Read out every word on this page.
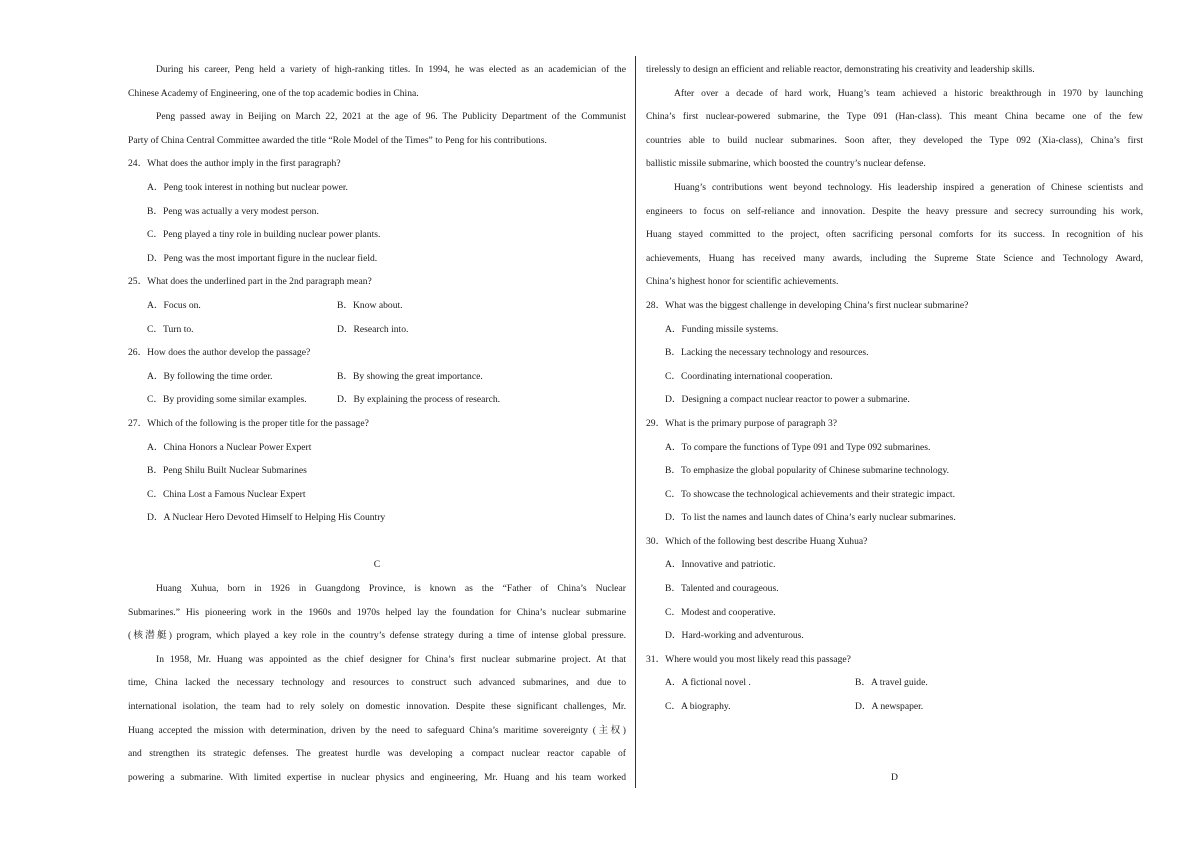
During his career, Peng held a variety of high-ranking titles. In 1994, he was elected as an academician of the
Chinese Academy of Engineering, one of the top academic bodies in China.
Peng passed away in Beijing on March 22, 2021 at the age of 96. The Publicity Department of the Communist
Party of China Central Committee awarded the title “Role Model of the Times” to Peng for his contributions.
24．What does the author imply in the first paragraph?
A．Peng took interest in nothing but nuclear power.
B．Peng was actually a very modest person.
C．Peng played a tiny role in building nuclear power plants.
D．Peng was the most important figure in the nuclear field.
25．What does the underlined part in the 2nd paragraph mean?
A．Focus on.	B．Know about.
C．Turn to.	D．Research into.
26．How does the author develop the passage?
A．By following the time order.	B．By showing the great importance.
C．By providing some similar examples.	D．By explaining the process of research.
27．Which of the following is the proper title for the passage?
A．China Honors a Nuclear Power Expert
B．Peng Shilu Built Nuclear Submarines
C．China Lost a Famous Nuclear Expert
D．A Nuclear Hero Devoted Himself to Helping His Country
C
Huang Xuhua, born in 1926 in Guangdong Province, is known as the “Father of China’s Nuclear
Submarines.” His pioneering work in the 1960s and 1970s helped lay the foundation for China’s nuclear submarine
(核潜艇) program, which played a key role in the country’s defense strategy during a time of intense global pressure.
In 1958, Mr. Huang was appointed as the chief designer for China’s first nuclear submarine project. At that
time, China lacked the necessary technology and resources to construct such advanced submarines, and due to
international isolation, the team had to rely solely on domestic innovation. Despite these significant challenges, Mr.
Huang accepted the mission with determination, driven by the need to safeguard China’s maritime sovereignty (主权)
and strengthen its strategic defenses. The greatest hurdle was developing a compact nuclear reactor capable of
powering a submarine. With limited expertise in nuclear physics and engineering, Mr. Huang and his team worked
tirelessly to design an efficient and reliable reactor, demonstrating his creativity and leadership skills.
After over a decade of hard work, Huang’s team achieved a historic breakthrough in 1970 by launching
China’s first nuclear-powered submarine, the Type 091 (Han-class). This meant China became one of the few
countries able to build nuclear submarines. Soon after, they developed the Type 092 (Xia-class), China’s first
ballistic missile submarine, which boosted the country’s nuclear defense.
Huang’s contributions went beyond technology. His leadership inspired a generation of Chinese scientists and
engineers to focus on self-reliance and innovation. Despite the heavy pressure and secrecy surrounding his work,
Huang stayed committed to the project, often sacrificing personal comforts for its success. In recognition of his
achievements, Huang has received many awards, including the Supreme State Science and Technology Award,
China’s highest honor for scientific achievements.
28．What was the biggest challenge in developing China’s first nuclear submarine?
A．Funding missile systems.
B．Lacking the necessary technology and resources.
C．Coordinating international cooperation.
D．Designing a compact nuclear reactor to power a submarine.
29．What is the primary purpose of paragraph 3?
A．To compare the functions of Type 091 and Type 092 submarines.
B．To emphasize the global popularity of Chinese submarine technology.
C．To showcase the technological achievements and their strategic impact.
D．To list the names and launch dates of China’s early nuclear submarines.
30．Which of the following best describe Huang Xuhua?
A．Innovative and patriotic.
B．Talented and courageous.
C．Modest and cooperative.
D．Hard-working and adventurous.
31．Where would you most likely read this passage?
A．A fictional novel .	B．A travel guide.
C．A biography.	D．A newspaper.
D
